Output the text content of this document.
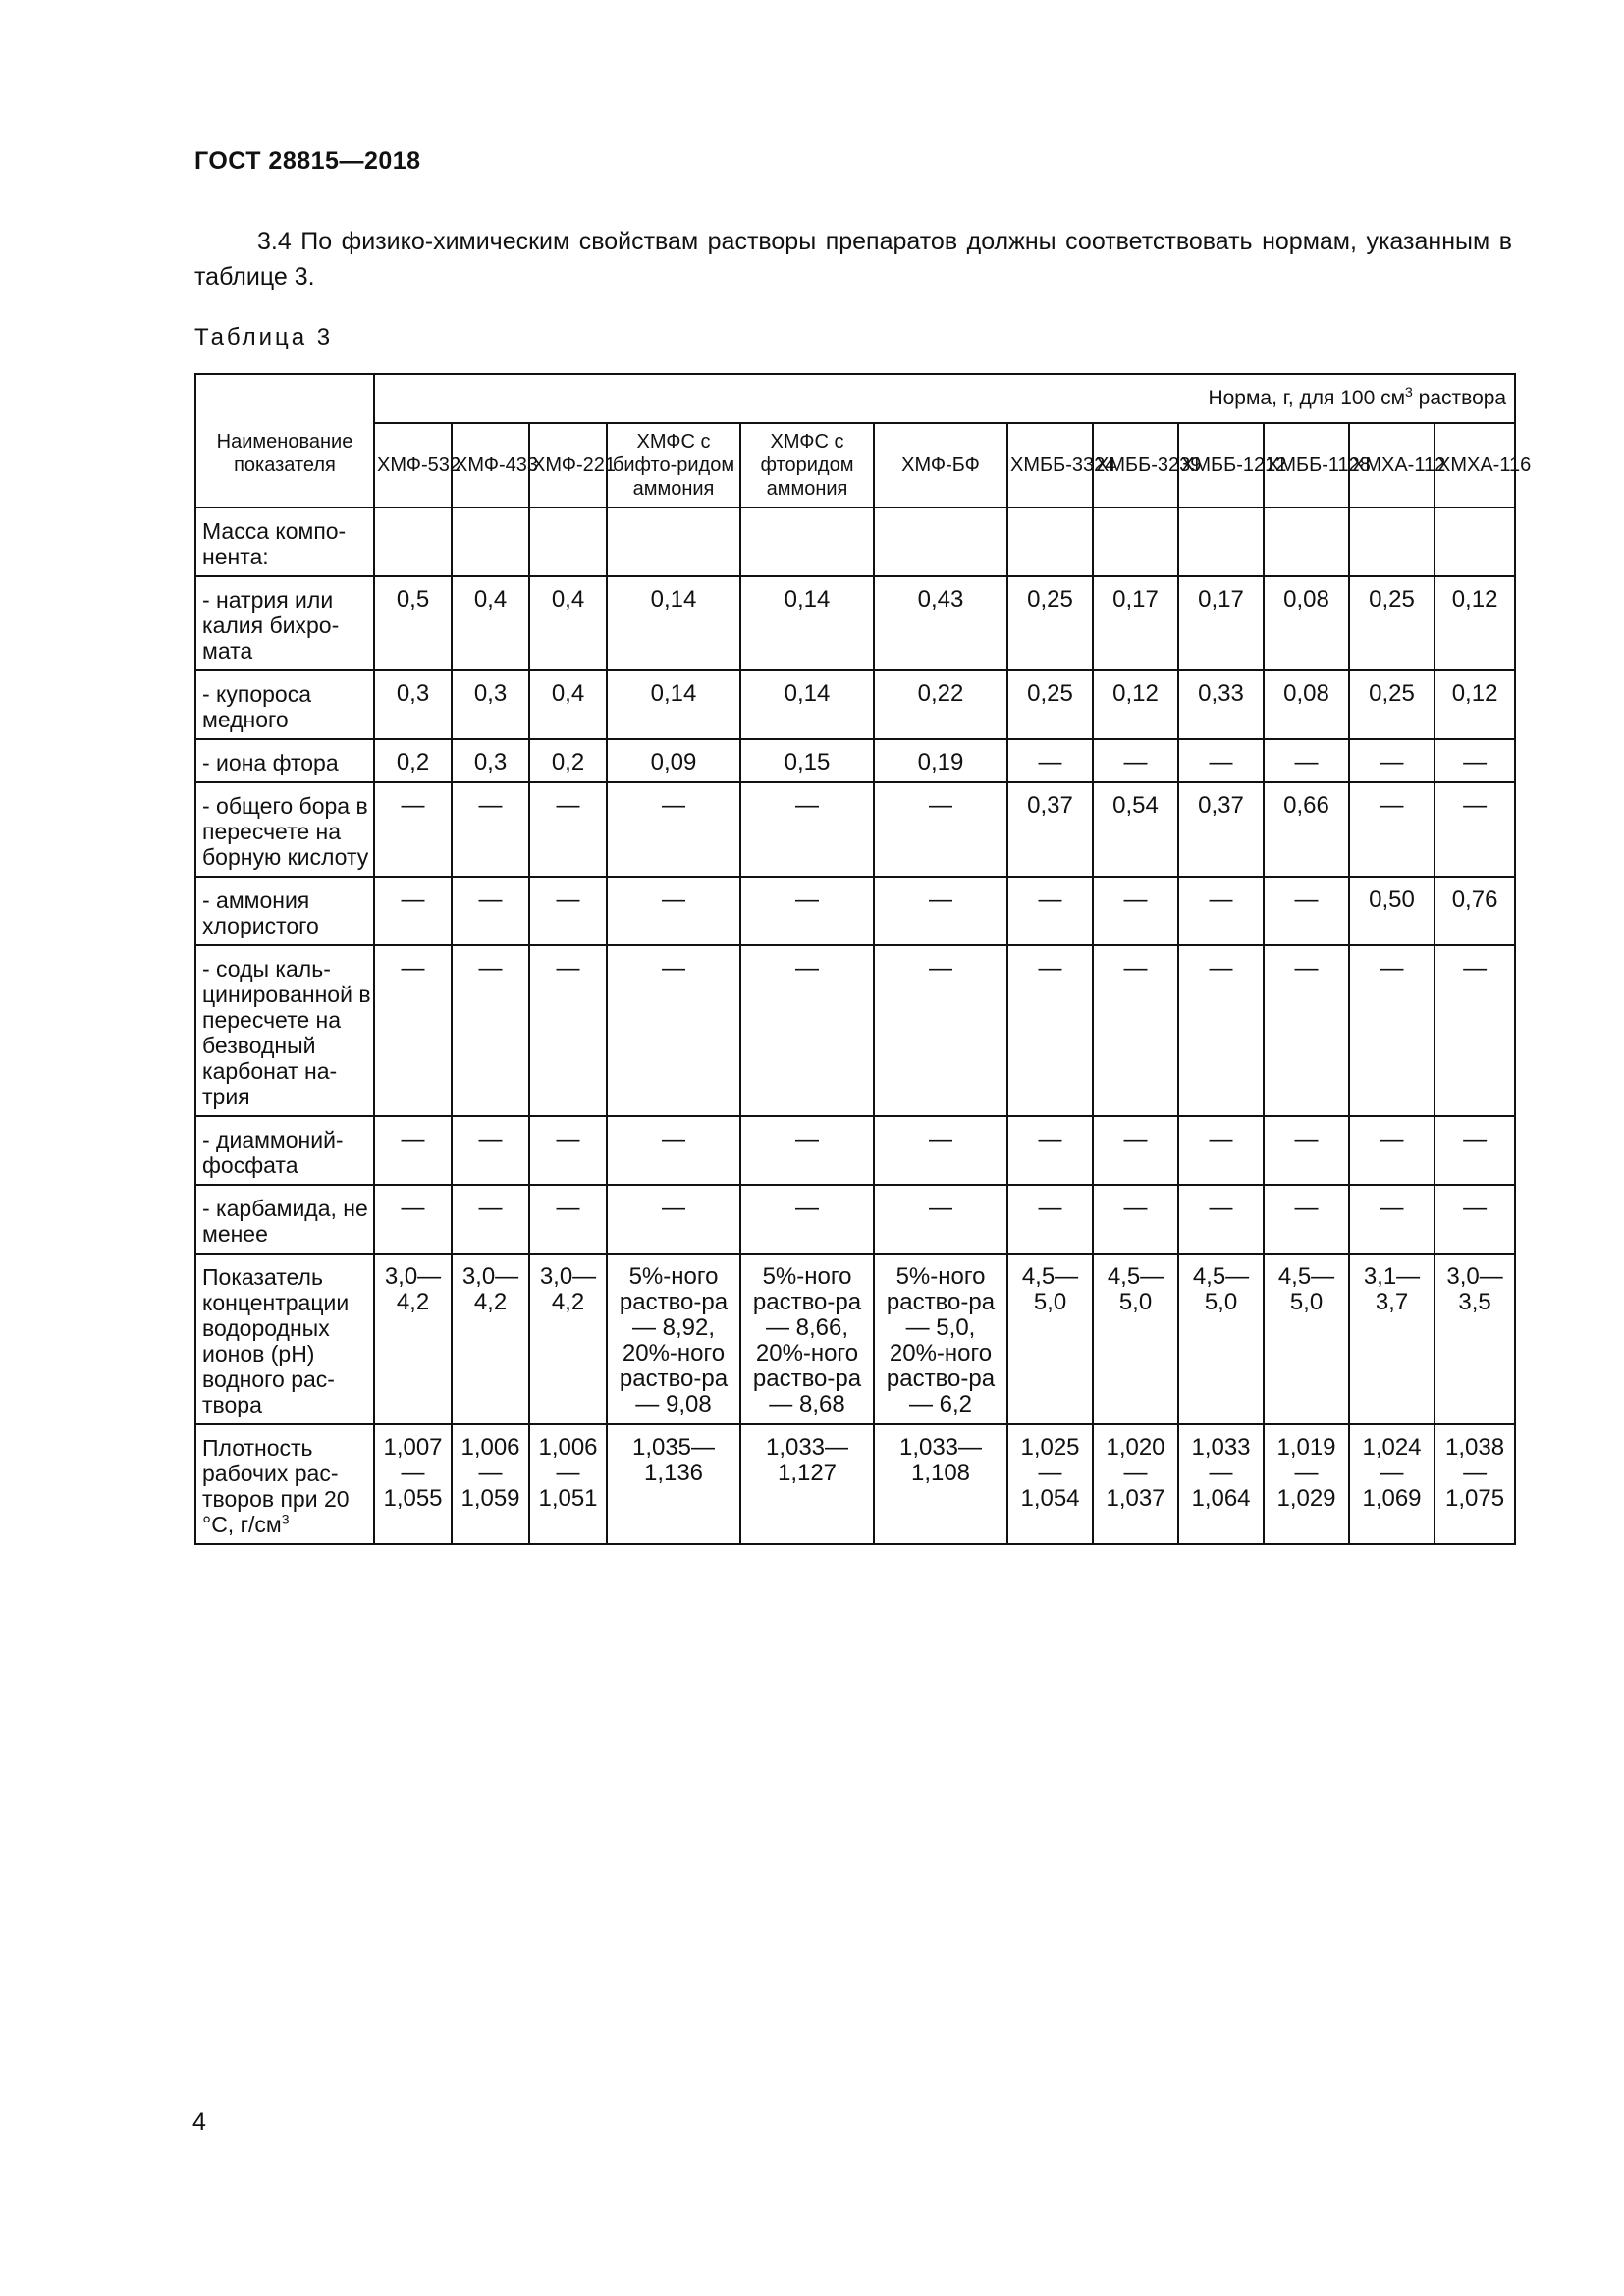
ГОСТ 28815—2018
3.4 По физико-химическим свойствам растворы препаратов должны соответствовать нормам, указанным в таблице 3.
Таблица 3
Наименование показателя	Норма, г, для 100 $см^3$ раствора											
	ХМФ-532	ХМФ-433	ХМФ-221	ХМФС с бифто-ридом аммония	ХМФС с фторидом аммония	ХМФ-БФ	ХМББ-3324	ХМББ-3239	ХМББ-1212	ХМББ-1128	ХМХА-112	ХМХА-116
Масса компо-нента:												
- натрия или калия бихро-мата	0,5	0,4	0,4	0,14	0,14	0,43	0,25	0,17	0,17	0,08	0,25	0,12
- купороса медного	0,3	0,3	0,4	0,14	0,14	0,22	0,25	0,12	0,33	0,08	0,25	0,12
- иона фтора	0,2	0,3	0,2	0,09	0,15	0,19	—	—	—	—	—	—
- общего бора в пересчете на борную кислоту	—	—	—	—	—	—	0,37	0,54	0,37	0,66	—	—
- аммония хлористого	—	—	—	—	—	—	—	—	—	—	0,50	0,76
- соды каль-цинированной в пересчете на безводный карбонат на-трия	—	—	—	—	—	—	—	—	—	—	—	—
- диаммоний-фосфата	—	—	—	—	—	—	—	—	—	—	—	—
- карбамида, не менее	—	—	—	—	—	—	—	—	—	—	—	—
Показатель концентрации водородных ионов (pH) водного рас-твора	3,0—4,2	3,0—4,2	3,0—4,2	5%-ного раство-ра — 8,92, 20%-ного раство-ра — 9,08	5%-ного раство-ра — 8,66, 20%-ного раство-ра — 8,68	5%-ного раство-ра — 5,0, 20%-ного раство-ра — 6,2	4,5—5,0	4,5—5,0	4,5—5,0	4,5—5,0	3,1—3,7	3,0—3,5
Плотность рабочих рас-творов при 20 °С, $г/см^3$	1,007 — 1,055	1,006 — 1,059	1,006 — 1,051	1,035—1,136	1,033—1,127	1,033—1,108	1,025 — 1,054	1,020 — 1,037	1,033 — 1,064	1,019 — 1,029	1,024 — 1,069	1,038 — 1,075
4
